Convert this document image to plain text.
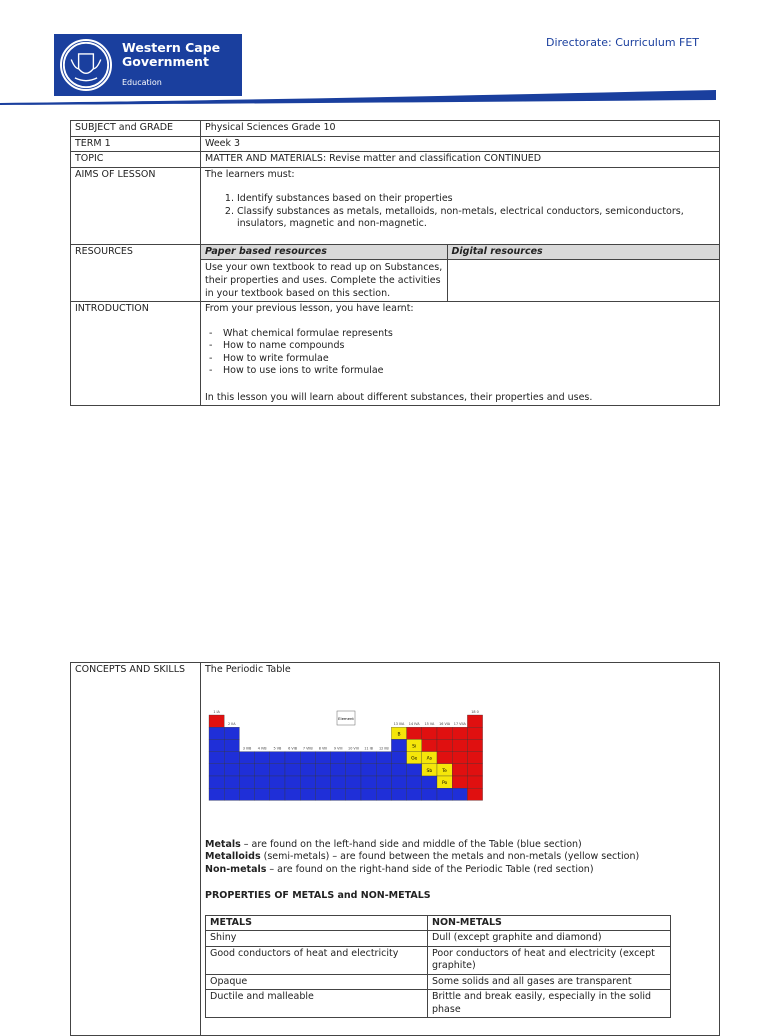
Western Cape
Government
Education
Directorate: Curriculum FET
SUBJECT and GRADE	Physical Sciences Grade 10
TERM 1	Week 3
TOPIC	MATTER AND MATERIALS: Revise matter and classification CONTINUED
AIMS OF LESSON	The learners must:
1. Identify substances based on their properties
2. Classify substances as metals, metalloids, non-metals, electrical conductors, semiconductors, insulators, magnetic and non-magnetic.

RESOURCES		Paper based resources	Digital resources
Use your own textbook to read up on Substances, their properties and uses. Complete the activities in your textbook based on this section.	

INTRODUCTION	From your previous lesson, you have learnt:
- What chemical formulae represents
- How to name compounds
- How to write formulae
- How to use ions to write formulae
In this lesson you will learn about different substances, their properties and uses.
CONCEPTS AND SKILLS	The Periodic Table
B
Si
Ge As
Sb Te
Po
1 IA
2 IIA
3 IIIB 4 IVB 5 VB 6 VIB 7 VIIB 8 VIII 9 VIII 10 VIII 11 IB 12 IIB
13 IIIA 14 IVA 15 VA 16 VIA 17 VIIA
18 0
Element
Metals – are found on the left-hand side and middle of the Table (blue section)
Metalloids (semi-metals) – are found between the metals and non-metals (yellow section)
Non-metals – are found on the right-hand side of the Periodic Table (red section)
PROPERTIES OF METALS and NON-METALS
METALS	NON-METALS
Shiny	Dull (except graphite and diamond)
Good conductors of heat and electricity	Poor conductors of heat and electricity (except graphite)
Opaque	Some solids and all gases are transparent
Ductile and malleable	Brittle and break easily, especially in the solid phase
